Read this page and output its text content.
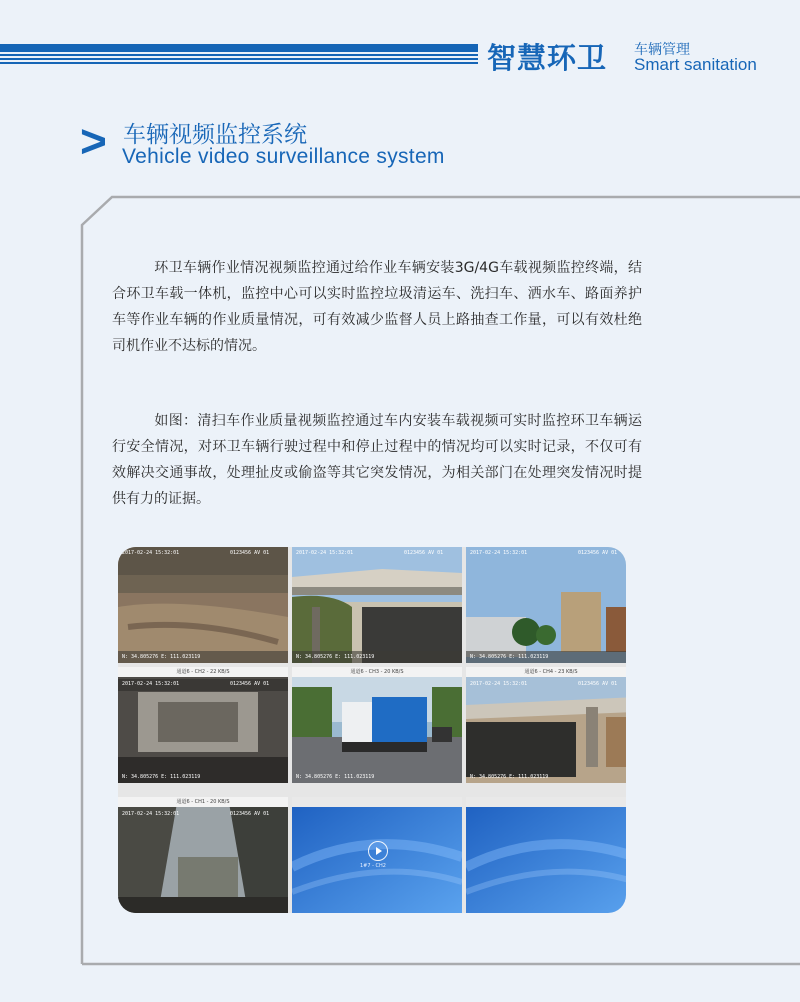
智慧环卫 车辆管理
Smart sanitation
> 车辆视频监控系统
Vehicle video surveillance system
环卫车辆作业情况视频监控通过给作业车辆安装3G/4G车载视频监控终端，结合环卫车载一体机，监控中心可以实时监控垃圾清运车、洗扫车、洒水车、路面养护车等作业车辆的作业质量情况，可有效减少监督人员上路抽查工作量，可以有效杜绝司机作业不达标的情况。
如图：清扫车作业质量视频监控通过车内安装车载视频可实时监控环卫车辆运行安全情况，对环卫车辆行驶过程中和停止过程中的情况均可以实时记录，不仅可有效解决交通事故，处理扯皮或偷盗等其它突发情况，为相关部门在处理突发情况时提供有力的证据。
2017-02-24 15:32:01	0123456 AV 01
N: 34.805276 E: 111.023119
2017-02-24 15:32:01	0123456 AV 01
N: 34.805276 E: 111.023119
2017-02-24 15:32:01	0123456 AV 01
N: 34.805276 E: 111.023119
通道6 - CH2 - 22 KB/S
2017-02-24 15:32:01	0123456 AV 01
N: 34.805276 E: 111.023119
通道6 - CH3 - 20 KB/S
N: 34.805276 E: 111.023119
通道6 - CH4 - 23 KB/S
2017-02-24 15:32:01	0123456 AV 01
N: 34.805276 E: 111.023119
通道6 - CH1 - 20 KB/S
2017-02-24 15:32:01	0123456 AV 01
1#7 - CH2
